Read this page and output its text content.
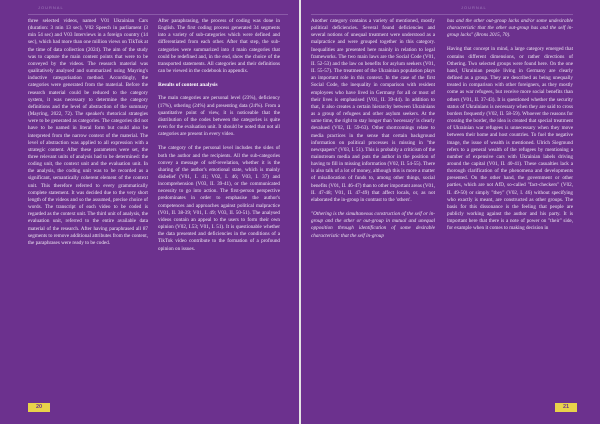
JOURNAL

three selected videos, named V01 Ukrainian Cars (duration: 3 min 13 sec), V02 Speech in parliament (3 min 54 sec) and V03 Interviews in a foreign country (14 sec), which had more than one million views on TikTok at the time of data collection (2024). The aim of the study was to capture the main content points that were to be conveyed by the videos. The research material was qualitatively analysed and summarized using Mayring's inductive categorisation method. Accordingly, the categories were generated from the material. Before the research material could be reduced to the category system, it was necessary to determine the category definitions and the level of abstraction of the summary (Mayring, 2022, 72). The speaker's rhetorical strategies were to be generated as categories. The categories did not have to be named in literal form but could also be interpreted from the narrow context of the material. The level of abstraction was applied to all expression with a strategic content. After these parameters were set, the three relevant units of analysis had to be determined: the coding unit, the context unit and the evaluation unit. In the analysis, the coding unit was to be recorded as a significant, semantically coherent element of the context unit. This therefore referred to every grammatically complete statement. It was decided due to the very short length of the videos and so the assumed, precise choice of words. The transcript of each video to be coded is regarded as the context unit. The third unit of analysis, the evaluation unit, referred to the entire available data material of the research. After having paraphrased all 87 segments to remove additional attributes from the content, the paraphrases were ready to be coded.

After paraphrasing, the process of coding was done in English. The first coding process generated 34 segments into a variety of sub-categories which were defined and differentiated from each other. After that step, the sub-categories were summarized into 4 main categories that could be redefined and, in the end, show the choice of the transported statements. All categories and their definitions can be viewed in the codebook in appendix.

Results of content analysis

The main categories are personal level (23%), deficiency (17%), othering (24%) and presenting data (24%). From a quantitative point of view, it is noticeable that the distribution of the codes between the categories is quite even for the evaluation unit. It should be noted that not all categories are present in every video.

The category of the personal level includes the sides of both the author and the recipients. All the sub-categories convey a message of self-revelation, whether it is the sharing of the author's emotional state, which is mainly disbelief (V01, I. 41; V02, I. 46; V03, I. 37) and incomprehension (V03, II. 39-41), or the communicated necessity to go into action. The first-person perspective predominates in order to emphasise the author's competences and approaches against political malpractice (V01, II. 38-39; V01, I. 49; V03, II. 50-51). The analysed videos contain an appeal to the users to form their own opinion (V02, I.53; V01, I. 51). It is questionable whether the data presented and deficiencies in the conditions of a TikTok video contribute to the formation of a profound opinion on issues.

20
JOURNAL

Another category contains a variety of mentioned, mostly political deficiencies. Several found deficiencies and several notions of unequal treatment were understood as a malpractice and were grouped together in this category. Inequalities are presented here mainly in relation to legal frameworks. The two main laws are the Social Code (V01, II. 52-53) and the law on benefits for asylum seekers (V01, II. 55-57). The treatment of the Ukrainian population plays an important role in this context. In the case of the first Social Code, the inequality in comparison with resident employees who have lived in Germany for all or most of their lives is emphasised (V01, II. 39-44). In addition to that, it also creates a certain hierarchy between Ukrainians as a group of refugees and other asylum seekers. At the same time, the right to stay longer than 'necessary' is clearly devalued (V02, II. 59-63). Other shortcomings relate to media practices in the sense that certain background information on political processes is missing in "the newspapers" (V03, I. 51). This is probably a criticism of the mainstream media and puts the author in the position of having to fill in missing information (V02, II. 54-55). There is also talk of a lot of money, although this is more a matter of misallocation of funds to, among other things, social benefits (V01, II. 46-47) than to other important areas (V01, II. 47-48; V01, II. 47-49) that affect locals, or, as not elaborated the in-group in contrast to the 'others'.

"Othering is the simultaneous construction of the self or in-group and the other or out-group in mutual and unequal opposition through identification of some desirable characteristic that the self in-group

has and the other out-group lacks and/or some undesirable characteristic that the other out-group has and the self in-group lacks" (Brons 2015, 70).

Having that concept in mind, a large category emerged that contains different dimensions, or rather directions of Othering. Two selected groups were found here. On the one hand, Ukrainian people living in Germany are clearly defined as a group. They are described as being unequally treated in comparison with other foreigners, as they mostly come as war refugees, but receive more social benefits than others (V01, II. 37-43). It is questioned whether the security status of Ukrainians is necessary when they are said to cross borders frequently (V02, II. 58-59). Whoever the reasons for crossing the border, the idea is created that special treatment of Ukrainian war refugees is unnecessary when they move between their home and host countries. To fuel the negative image, the issue of wealth is mentioned. Ulrich Siegmund refers to a general wealth of the refugees by mentioning a number of expensive cars with Ukrainian labels driving around the capital (V01, II. 40-41). These casualties lack a thorough clarification of the phenomena and developments presented. On the other hand, the government or other parties, which are not AfD, so-called "fact-checkers" (V02, II. 49-50) or simply "they" (V02, I. 46) without specifying who exactly is meant, are constructed as other groups. The basis for this dissonance is the feeling that people are publicly working against the author and his party. It is important here that there is a note of power on "their" side, for example when it comes to making decision in

21
